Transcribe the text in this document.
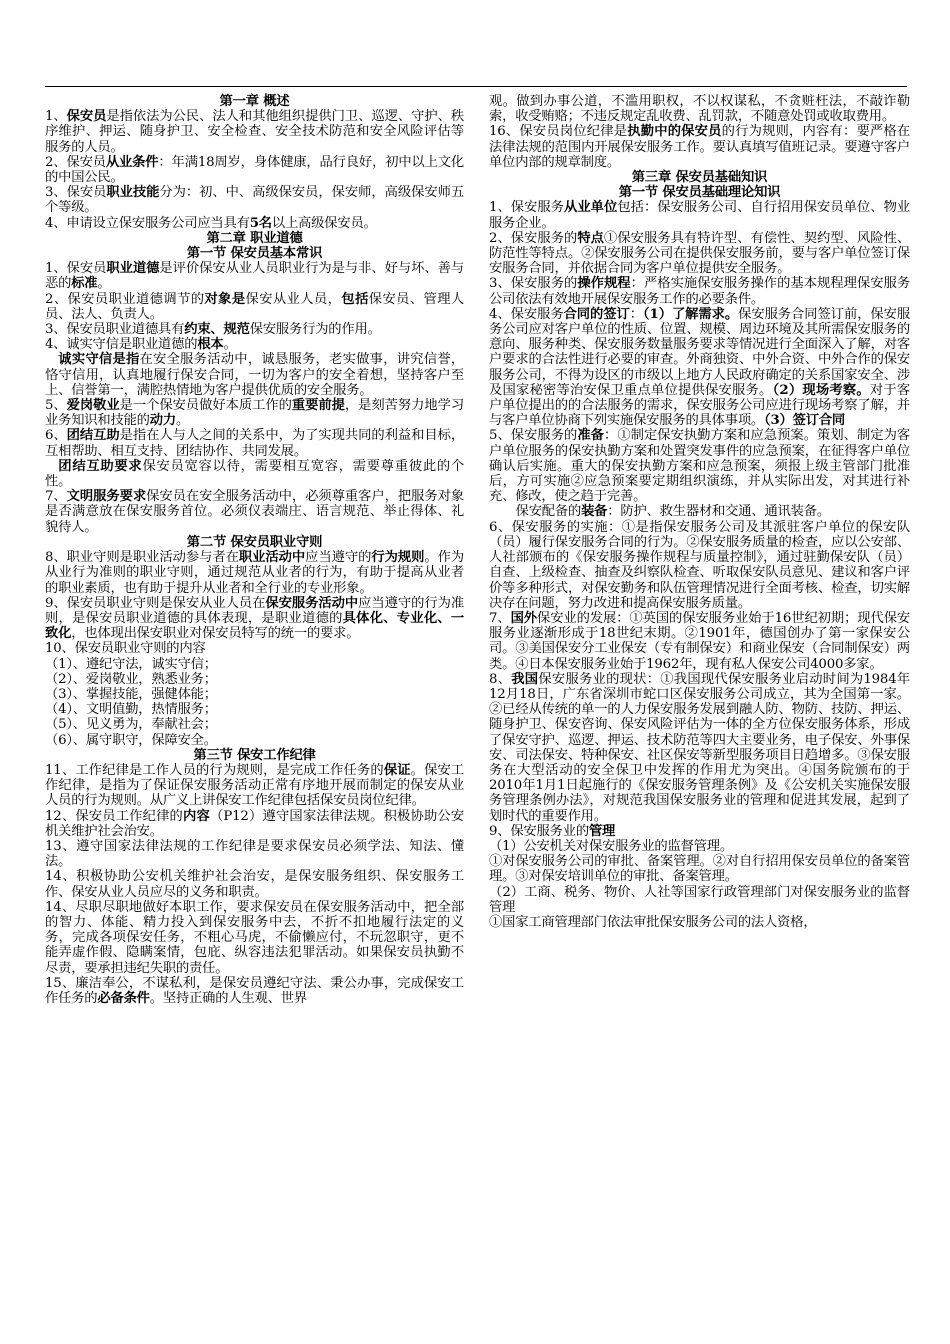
第一章 概述

1、保安员是指依法为公民、法人和其他组织提供门卫、巡逻、守护、秩序维护、押运、随身护卫、安全检查、安全技术防范和安全风险评估等服务的人员。

2、保安员从业条件：年满18周岁，身体健康，品行良好，初中以上文化的中国公民。

3、保安员职业技能分为：初、中、高级保安员，保安师，高级保安师五个等级。

4、申请设立保安服务公司应当具有5名以上高级保安员。

第二章 职业道德

第一节 保安员基本常识

1、保安员职业道德是评价保安从业人员职业行为是与非、好与坏、善与恶的标准。

2、保安员职业道德调节的对象是保安从业人员，包括保安员、管理人员、法人、负责人。

3、保安员职业道德具有约束、规范保安服务行为的作用。

4、诚实守信是职业道德的根本。

诚实守信是指在安全服务活动中，诚恳服务，老实做事，讲究信誉，恪守信用，认真地履行保安合同，一切为客户的安全着想，坚持客户至上、信誉第一，满腔热情地为客户提供优质的安全服务。

5、爱岗敬业是一个保安员做好本质工作的重要前提，是刻苦努力地学习业务知识和技能的动力。

6、团结互助是指在人与人之间的关系中，为了实现共同的利益和目标，互相帮助、相互支持、团结协作、共同发展。

团结互助要求保安员宽容以待，需要相互宽容，需要尊重彼此的个性。

7、文明服务要求保安员在安全服务活动中，必须尊重客户，把服务对象是否满意放在保安服务首位。必须仪表端庄、语言规范、举止得体、礼貌待人。

第二节 保安员职业守则

8、职业守则是职业活动参与者在职业活动中应当遵守的行为规则。作为从业行为准则的职业守则，通过规范从业者的行为，有助于提高从业者的职业素质，也有助于提升从业者和全行业的专业形象。

9、保安员职业守则是保安从业人员在保安服务活动中应当遵守的行为准则，是保安员职业道德的具体表现，是职业道德的具体化、专业化、一致化，也体现出保安职业对保安员特写的统一的要求。

10、保安员职业守则的内容

（1）、遵纪守法，诚实守信；

（2）、爱岗敬业，熟悉业务；

（3）、掌握技能，强健体能；

（4）、文明值勤，热情服务；

（5）、见义勇为，奉献社会；

（6）、属守职守，保障安全。

第三节 保安工作纪律

11、工作纪律是工作人员的行为规则，是完成工作任务的保证。保安工作纪律，是指为了保证保安服务活动正常有序地开展而制定的保安从业人员的行为规则。从广义上讲保安工作纪律包括保安员岗位纪律。

12、保安员工作纪律的内容（P12）遵守国家法律法规。积极协助公安机关维护社会治安。

13、遵守国家法律法规的工作纪律是要求保安员必须学法、知法、懂法。

14、积极协助公安机关维护社会治安，是保安服务组织、保安服务工作、保安从业人员应尽的义务和职责。

14、尽职尽职地做好本职工作，要求保安员在保安服务活动中，把全部的智力、体能、精力投入到保安服务中去，不折不扣地履行法定的义务，完成各项保安任务，不粗心马虎，不偷懒应付，不玩忽职守，更不能弄虚作假、隐瞒案情，包庇、纵容违法犯罪活动。如果保安员执勤不尽责，要承担违纪失职的责任。

15、廉洁奉公，不谋私利，是保安员遵纪守法、秉公办事，完成保安工作任务的必备条件。坚持正确的人生观、世界

观。做到办事公道，不滥用职权，不以权谋私，不贪赃枉法，不敲诈勒索，收受贿赂；不违反规定乱收费、乱罚款，不随意处罚或收取费用。

16、保安员岗位纪律是执勤中的保安员的行为规则，内容有：要严格在法律法规的范围内开展保安服务工作。要认真填写值班记录。要遵守客户单位内部的规章制度。

第三章 保安员基础知识

第一节 保安员基础理论知识

1、保安服务从业单位包括：保安服务公司、自行招用保安员单位、物业服务企业。

2、保安服务的特点①保安服务具有特许型、有偿性、契约型、风险性、防范性等特点。②保安服务公司在提供保安服务前，要与客户单位签订保安服务合同，并依据合同为客户单位提供安全服务。

3、保安服务的操作规程：严格实施保安服务操作的基本规程理保安服务公司依法有效地开展保安服务工作的必要条件。

4、保安服务合同的签订：（1）了解需求。保安服务合同签订前，保安服务公司应对客户单位的性质、位置、规模、周边环境及其所需保安服务的意向、服务种类、保安服务数量服务要求等情况进行全面深入了解，对客户要求的合法性进行必要的审查。外商独资、中外合资、中外合作的保安服务公司，不得为设区的市级以上地方人民政府确定的关系国家安全、涉及国家秘密等治安保卫重点单位提供保安服务。（2）现场考察。对于客户单位提出的的合法服务的需求，保安服务公司应进行现场考察了解，并与客户单位协商下列实施保安服务的具体事项。（3）签订合同

5、保安服务的准备：①制定保安执勤方案和应急预案。策划、制定为客户单位服务的保安执勤方案和处置突发事件的应急预案，在征得客户单位确认后实施。重大的保安执勤方案和应急预案，须报上级主管部门批准后，方可实施②应急预案要定期组织演练，并从实际出发，对其进行补充、修改，使之趋于完善。

保安配备的装备：防护、救生器材和交通、通讯装备。

6、保安服务的实施：①是指保安服务公司及其派驻客户单位的保安队（员）履行保安服务合同的行为。②保安服务质量的检查，应以公安部、人社部颁布的《保安服务操作规程与质量控制》，通过驻勤保安队（员）自查、上级检查、抽查及纠察队检查、听取保安队员意见、建议和客户评价等多种形式，对保安勤务和队伍管理情况进行全面考核、检查，切实解决存在问题，努力改进和提高保安服务质量。

7、国外保安业的发展：①英国的保安服务业始于16世纪初期；现代保安服务业逐渐形成于18世纪末期。②1901年，德国创办了第一家保安公司。③美国保安分工业保安（专有制保安）和商业保安（合同制保安）两类。④日本保安服务业始于1962年，现有私人保安公司4000多家。

8、我国保安服务业的现状：①我国现代保安服务业启动时间为1984年12月18日，广东省深圳市蛇口区保安服务公司成立，其为全国第一家。②已经从传统的单一的人力保安服务发展到融人防、物防、技防、押运、随身护卫、保安咨询、保安风险评估为一体的全方位保安服务体系，形成了保安守护、巡逻、押运、技术防范等四大主要业务，电子保安、外事保安、司法保安、特种保安、社区保安等新型服务项目日趋增多。③保安服务在大型活动的安全保卫中发挥的作用尤为突出。④国务院颁布的于2010年1月1日起施行的《保安服务管理条例》及《公安机关实施保安服务管理条例办法》，对规范我国保安服务业的管理和促进其发展，起到了划时代的重要作用。

9、保安服务业的管理

（1）公安机关对保安服务业的监督管理。

①对保安服务公司的审批、备案管理。②对自行招用保安员单位的备案管理。③对保安培训单位的审批、备案管理。

（2）工商、税务、物价、人社等国家行政管理部门对保安服务业的监督管理

①国家工商管理部门依法审批保安服务公司的法人资格，
